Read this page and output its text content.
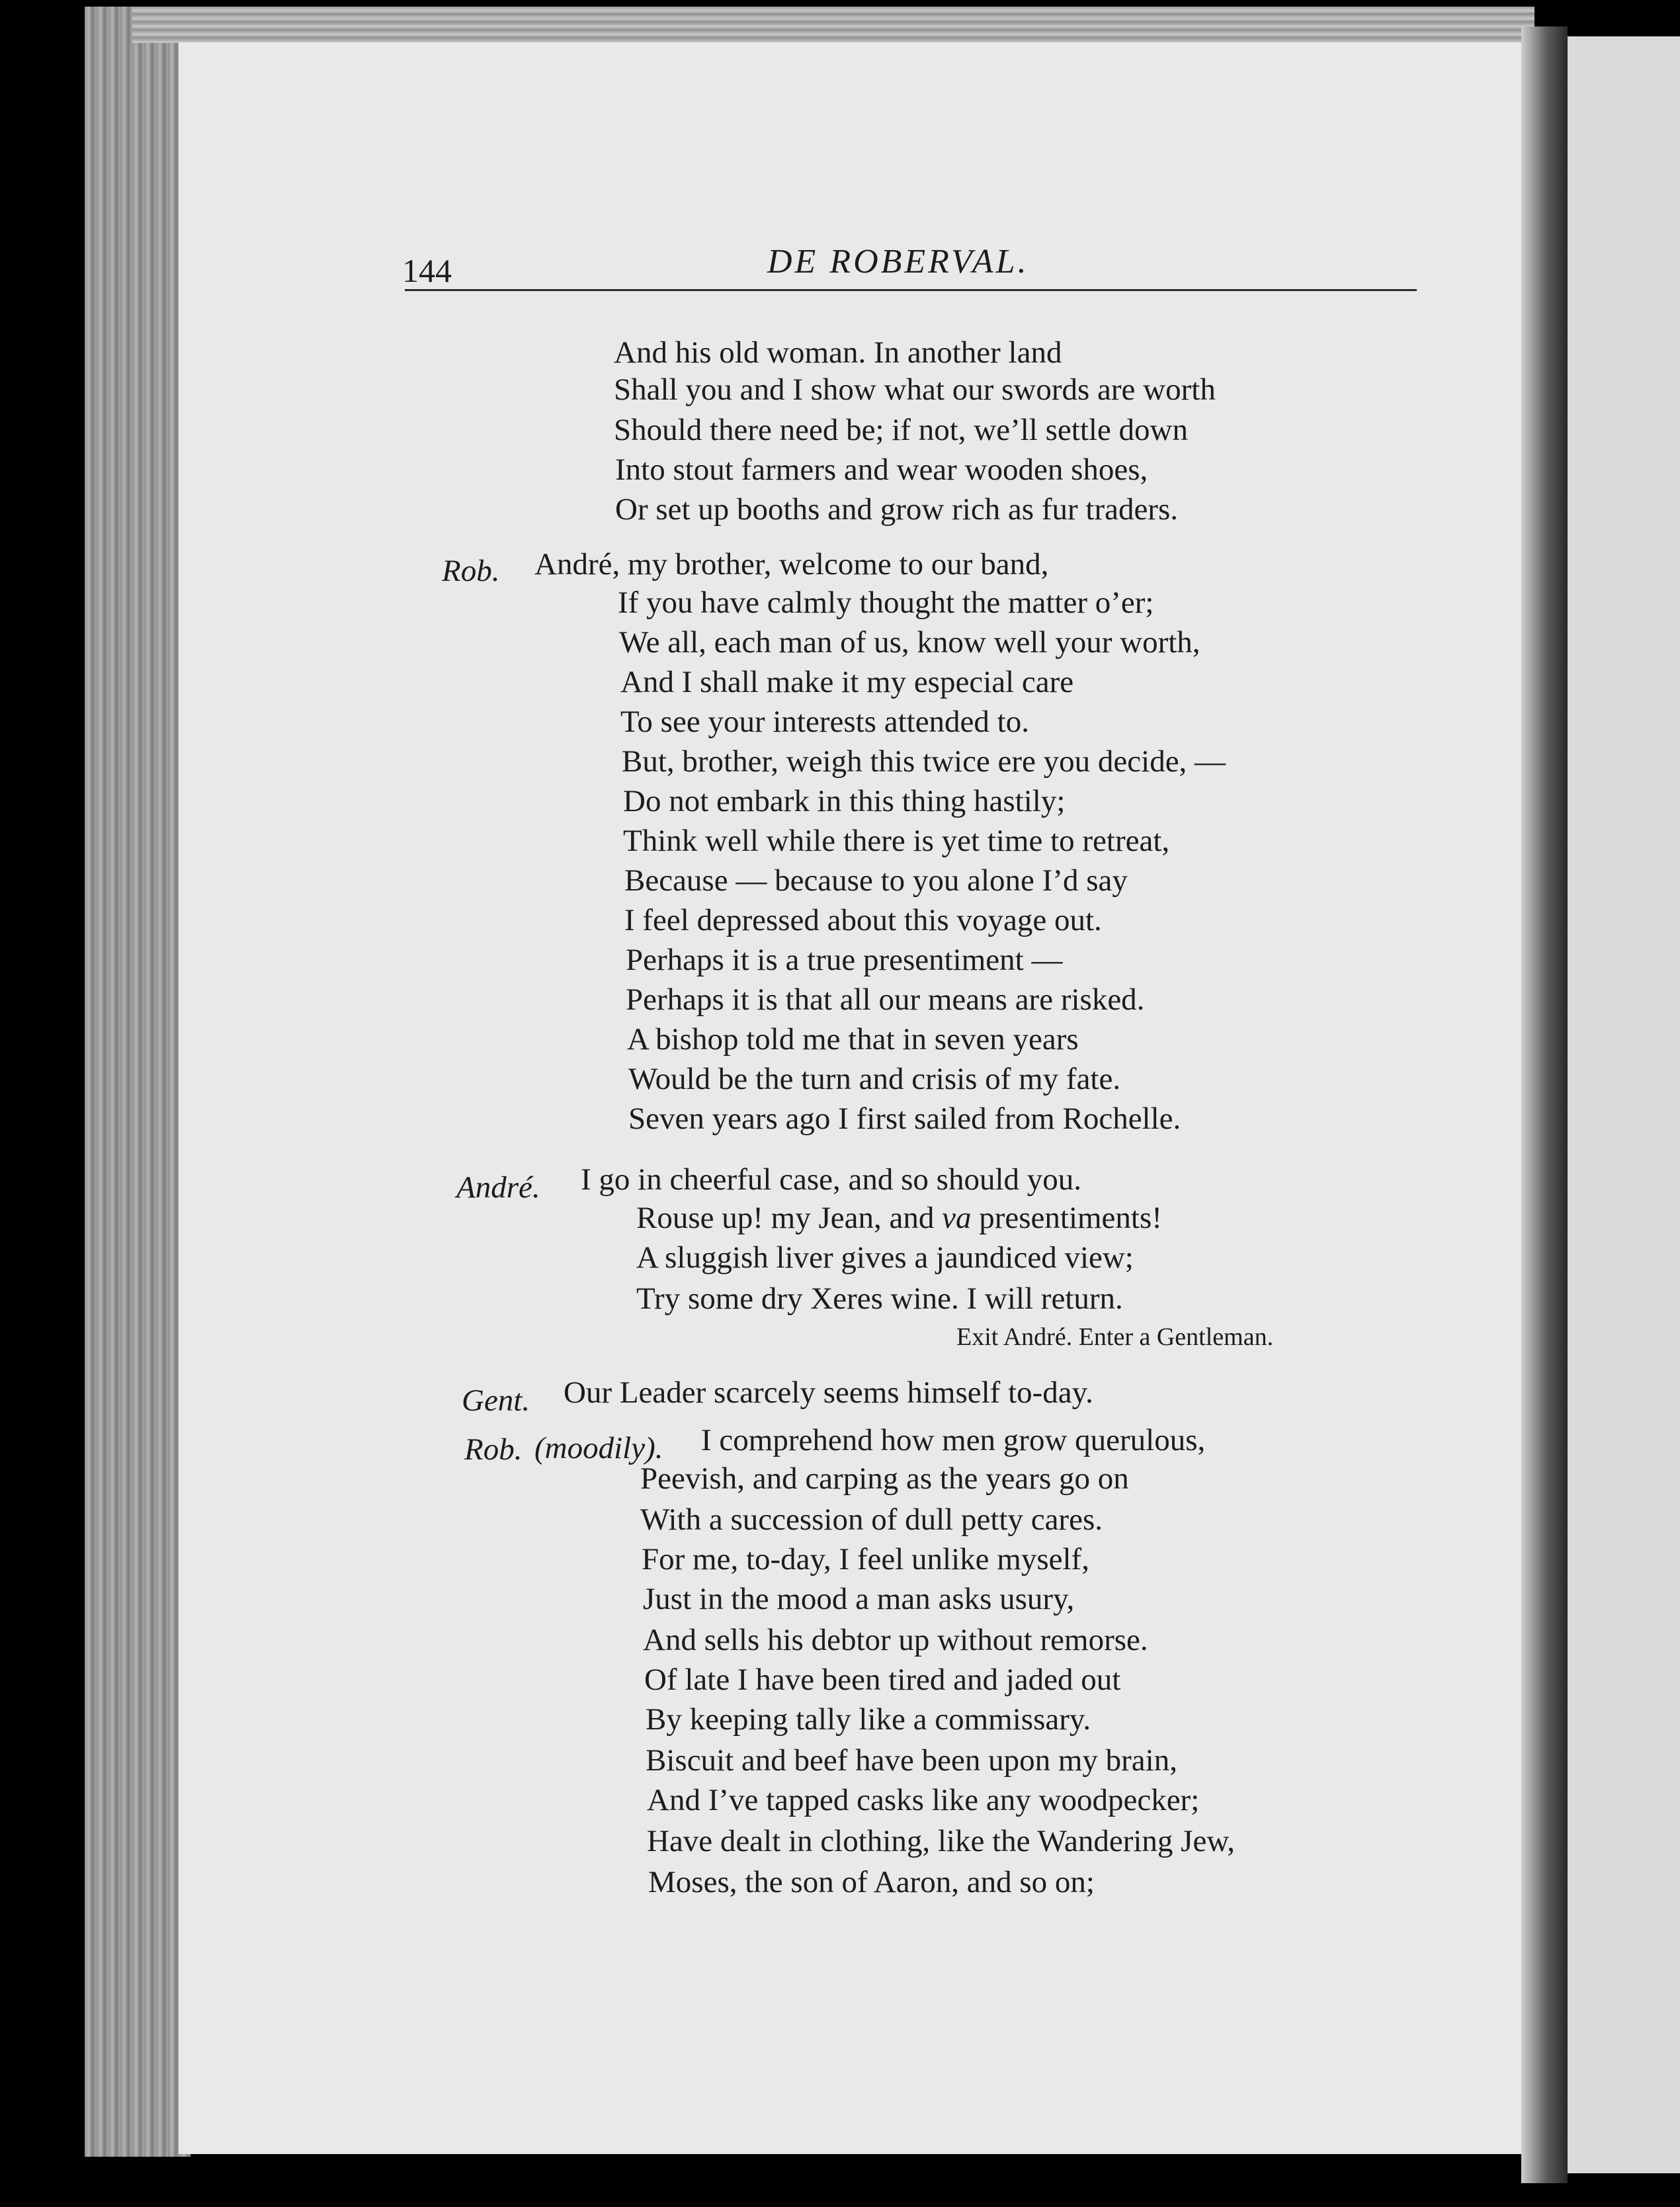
144	DE ROBERVAL.
And his old woman. In another land
Shall you and I show what our swords are worth
Should there need be; if not, we’ll settle down
Into stout farmers and wear wooden shoes,
Or set up booths and grow rich as fur traders.
Rob. André, my brother, welcome to our band,
If you have calmly thought the matter o’er;
We all, each man of us, know well your worth,
And I shall make it my especial care
To see your interests attended to.
But, brother, weigh this twice ere you decide, —
Do not embark in this thing hastily;
Think well while there is yet time to retreat,
Because — because to you alone I’d say
I feel depressed about this voyage out.
Perhaps it is a true presentiment —
Perhaps it is that all our means are risked.
A bishop told me that in seven years
Would be the turn and crisis of my fate.
Seven years ago I first sailed from Rochelle.
André. I go in cheerful case, and so should you.
Rouse up! my Jean, and va presentiments!
A sluggish liver gives a jaundiced view;
Try some dry Xeres wine. I will return.
Exit André. Enter a Gentleman.
Gent. Our Leader scarcely seems himself to-day.
Rob. (moodily). I comprehend how men grow querulous,
Peevish, and carping as the years go on
With a succession of dull petty cares.
For me, to-day, I feel unlike myself,
Just in the mood a man asks usury,
And sells his debtor up without remorse.
Of late I have been tired and jaded out
By keeping tally like a commissary.
Biscuit and beef have been upon my brain,
And I’ve tapped casks like any woodpecker;
Have dealt in clothing, like the Wandering Jew,
Moses, the son of Aaron, and so on;
